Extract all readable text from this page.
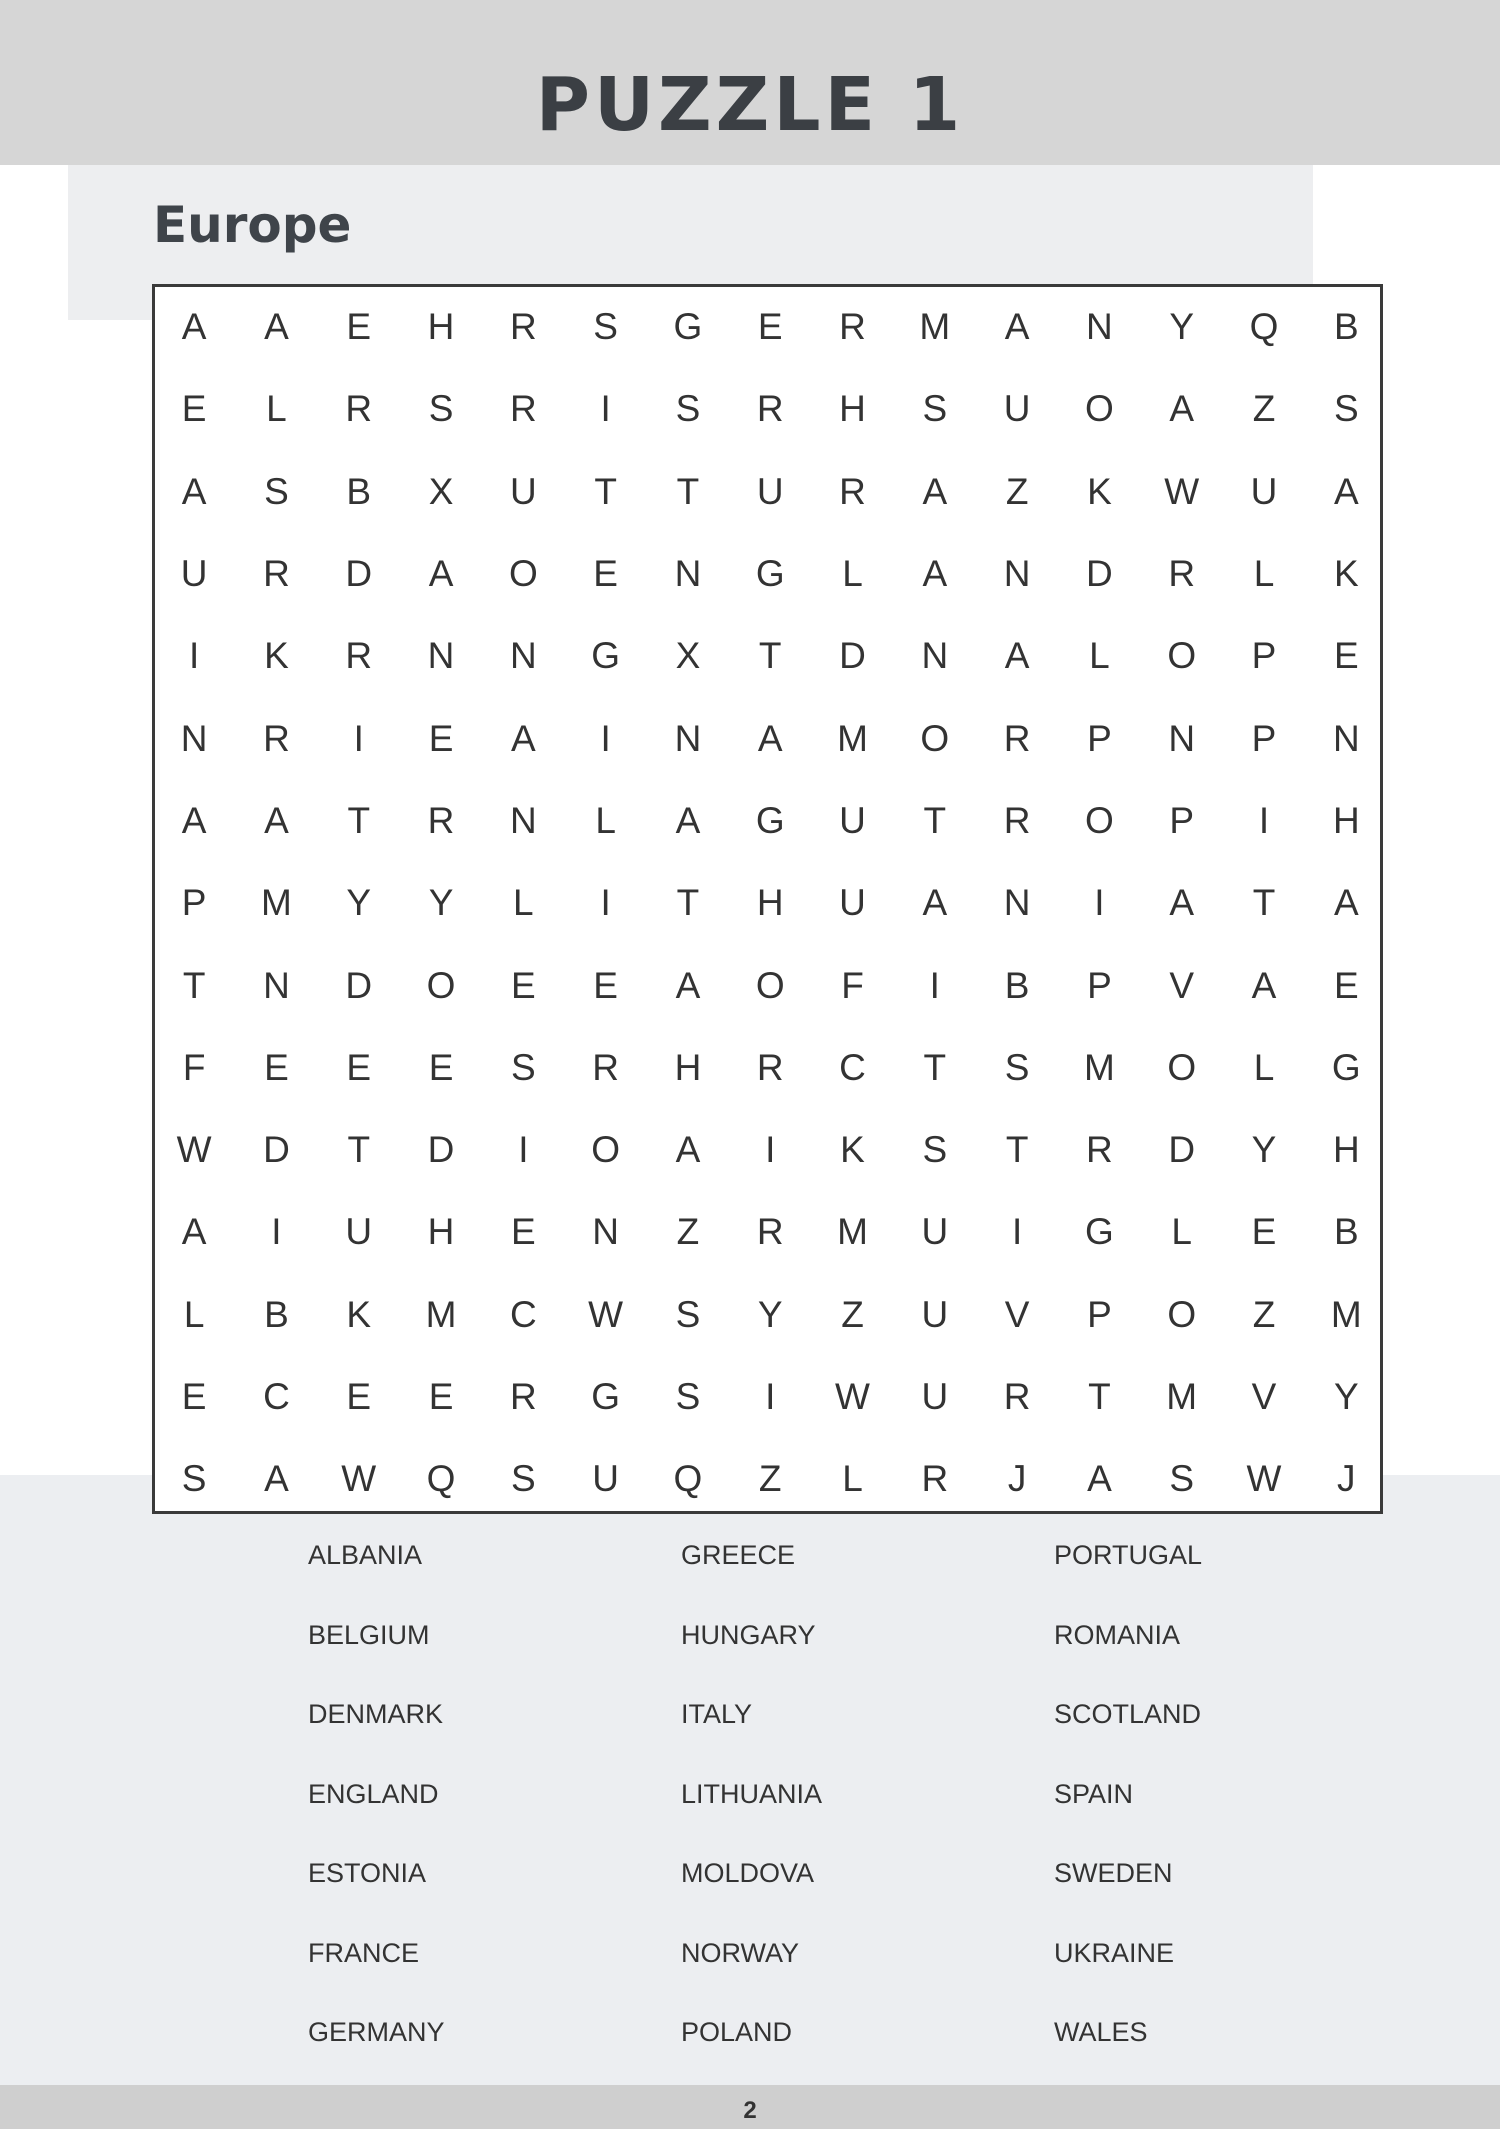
PUZZLE 1
Europe
A	A	E	H	R	S	G	E	R	M	A	N	Y	Q	B
E	L	R	S	R	I	S	R	H	S	U	O	A	Z	S
A	S	B	X	U	T	T	U	R	A	Z	K	W	U	A
U	R	D	A	O	E	N	G	L	A	N	D	R	L	K
I	K	R	N	N	G	X	T	D	N	A	L	O	P	E
N	R	I	E	A	I	N	A	M	O	R	P	N	P	N
A	A	T	R	N	L	A	G	U	T	R	O	P	I	H
P	M	Y	Y	L	I	T	H	U	A	N	I	A	T	A
T	N	D	O	E	E	A	O	F	I	B	P	V	A	E
F	E	E	E	S	R	H	R	C	T	S	M	O	L	G
W	D	T	D	I	O	A	I	K	S	T	R	D	Y	H
A	I	U	H	E	N	Z	R	M	U	I	G	L	E	B
L	B	K	M	C	W	S	Y	Z	U	V	P	O	Z	M
E	C	E	E	R	G	S	I	W	U	R	T	M	V	Y
S	A	W	Q	S	U	Q	Z	L	R	J	A	S	W	J
ALBANIA	GREECE	PORTUGAL
BELGIUM	HUNGARY	ROMANIA
DENMARK	ITALY	SCOTLAND
ENGLAND	LITHUANIA	SPAIN
ESTONIA	MOLDOVA	SWEDEN
FRANCE	NORWAY	UKRAINE
GERMANY	POLAND	WALES
2
